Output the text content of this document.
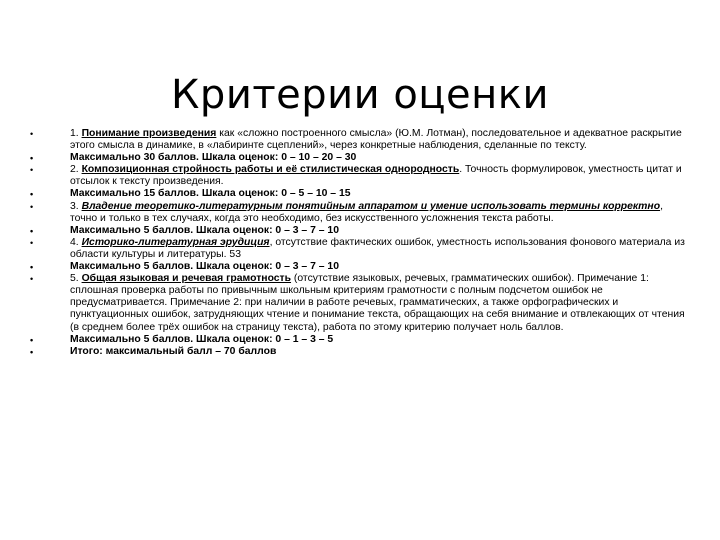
Критерии оценки
•	1. Понимание произведения как «сложно построенного смысла» (Ю.М. Лотман), последовательное и адекватное раскрытие этого смысла в динамике, в «лабиринте сцеплений», через конкретные наблюдения, сделанные по тексту.
•	Максимально 30 баллов. Шкала оценок: 0 – 10 – 20 – 30
•	2. Композиционная стройность работы и её стилистическая однородность. Точность формулировок, уместность цитат и отсылок к тексту произведения.
•	Максимально 15 баллов. Шкала оценок: 0 – 5 – 10 – 15
•	3. Владение теоретико-литературным понятийным аппаратом и умение использовать термины корректно, точно и только в тех случаях, когда это необходимо, без искусственного усложнения текста работы.
•	Максимально 5 баллов. Шкала оценок: 0 – 3 – 7 – 10
•	4. Историко-литературная эрудиция, отсутствие фактических ошибок, уместность использования фонового материала из области культуры и литературы. 53
•	Максимально 5 баллов. Шкала оценок: 0 – 3 – 7 – 10
•	5. Общая языковая и речевая грамотность (отсутствие языковых, речевых, грамматических ошибок). Примечание 1: сплошная проверка работы по привычным школьным критериям грамотности с полным подсчетом ошибок не предусматривается. Примечание 2: при наличии в работе речевых, грамматических, а также орфографических и пунктуационных ошибок, затрудняющих чтение и понимание текста, обращающих на себя внимание и отвлекающих от чтения (в среднем более трёх ошибок на страницу текста), работа по этому критерию получает ноль баллов.
•	Максимально 5 баллов. Шкала оценок: 0 – 1 – 3 – 5
•	Итого: максимальный балл – 70 баллов
